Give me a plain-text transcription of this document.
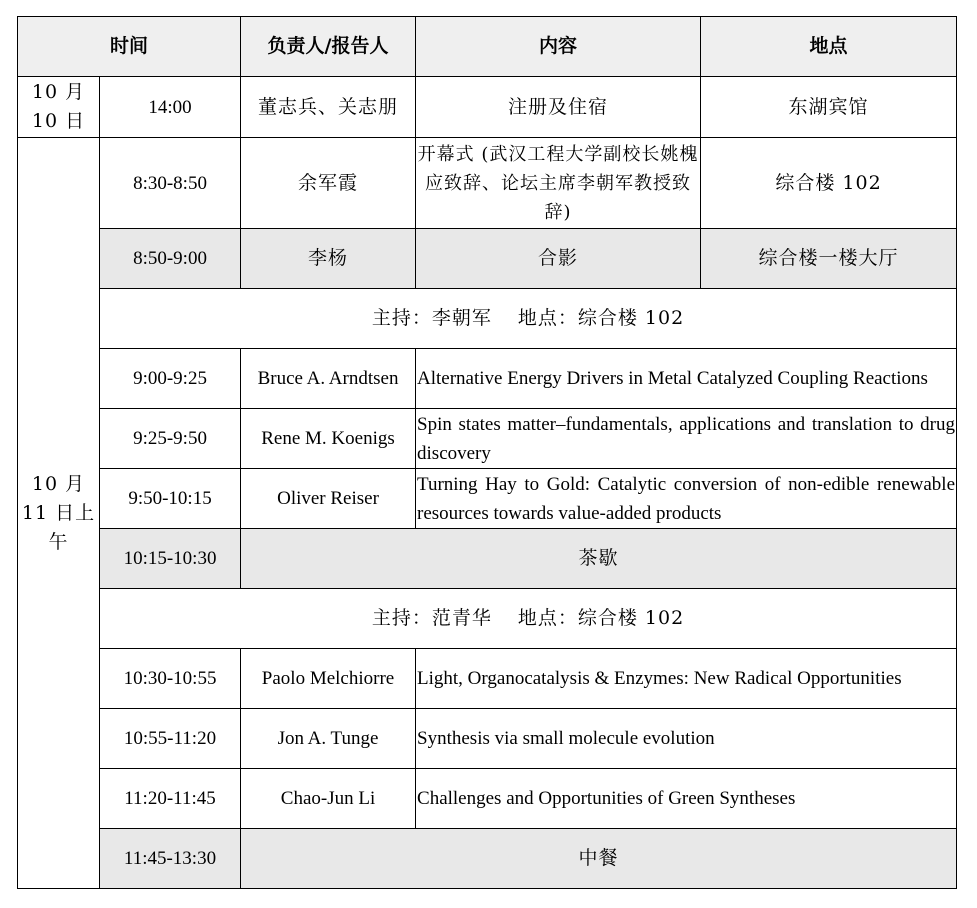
时间		负责人/报告人	内容	地点
10 月 10 日	14:00	董志兵、关志朋	注册及住宿	东湖宾馆
10 月 11 日上午	8:30-8:50	余军霞	开幕式 (武汉工程大学副校长姚槐应致辞、论坛主席李朝军教授致辞)	综合楼 102
	8:50-9:00	李杨	合影	综合楼一楼大厅
	主持：李朝军 地点：综合楼 102			
	9:00-9:25	Bruce A. Arndtsen	Alternative Energy Drivers in Metal Catalyzed Coupling Reactions	
	9:25-9:50	Rene M. Koenigs	Spin states matter–fundamentals, applications and translation to drug discovery	
	9:50-10:15	Oliver Reiser	Turning Hay to Gold: Catalytic conversion of non-edible renewable resources towards value-added products	
	10:15-10:30	茶歇		
	主持：范青华 地点：综合楼 102			
	10:30-10:55	Paolo Melchiorre	Light, Organocatalysis & Enzymes: New Radical Opportunities	
	10:55-11:20	Jon A. Tunge	Synthesis via small molecule evolution	
	11:20-11:45	Chao-Jun Li	Challenges and Opportunities of Green Syntheses	
	11:45-13:30	中餐		
